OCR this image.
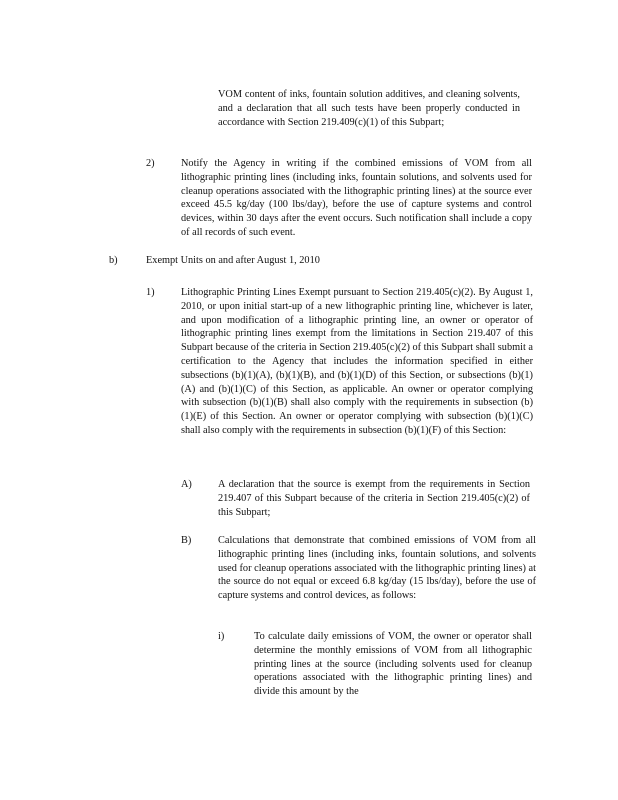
VOM content of inks, fountain solution additives, and cleaning solvents, and a declaration that all such tests have been properly conducted in accordance with Section 219.409(c)(1) of this Subpart;

2)	Notify the Agency in writing if the combined emissions of VOM from all lithographic printing lines (including inks, fountain solutions, and solvents used for cleanup operations associated with the lithographic printing lines) at the source ever exceed 45.5 kg/day (100 lbs/day), before the use of capture systems and control devices, within 30 days after the event occurs. Such notification shall include a copy of all records of such event.

b)	Exempt Units on and after August 1, 2010

1)	Lithographic Printing Lines Exempt pursuant to Section 219.405(c)(2). By August 1, 2010, or upon initial start-up of a new lithographic printing line, whichever is later, and upon modification of a lithographic printing line, an owner or operator of lithographic printing lines exempt from the limitations in Section 219.407 of this Subpart because of the criteria in Section 219.405(c)(2) of this Subpart shall submit a certification to the Agency that includes the information specified in either subsections (b)(1)(A), (b)(1)(B), and (b)(1)(D) of this Section, or subsections (b)(1)(A) and (b)(1)(C) of this Section, as applicable. An owner or operator complying with subsection (b)(1)(B) shall also comply with the requirements in subsection (b)(1)(E) of this Section. An owner or operator complying with subsection (b)(1)(C) shall also comply with the requirements in subsection (b)(1)(F) of this Section:

A)	A declaration that the source is exempt from the requirements in Section 219.407 of this Subpart because of the criteria in Section 219.405(c)(2) of this Subpart;

B)	Calculations that demonstrate that combined emissions of VOM from all lithographic printing lines (including inks, fountain solutions, and solvents used for cleanup operations associated with the lithographic printing lines) at the source do not equal or exceed 6.8 kg/day (15 lbs/day), before the use of capture systems and control devices, as follows:

i)	To calculate daily emissions of VOM, the owner or operator shall determine the monthly emissions of VOM from all lithographic printing lines at the source (including solvents used for cleanup operations associated with the lithographic printing lines) and divide this amount by the
